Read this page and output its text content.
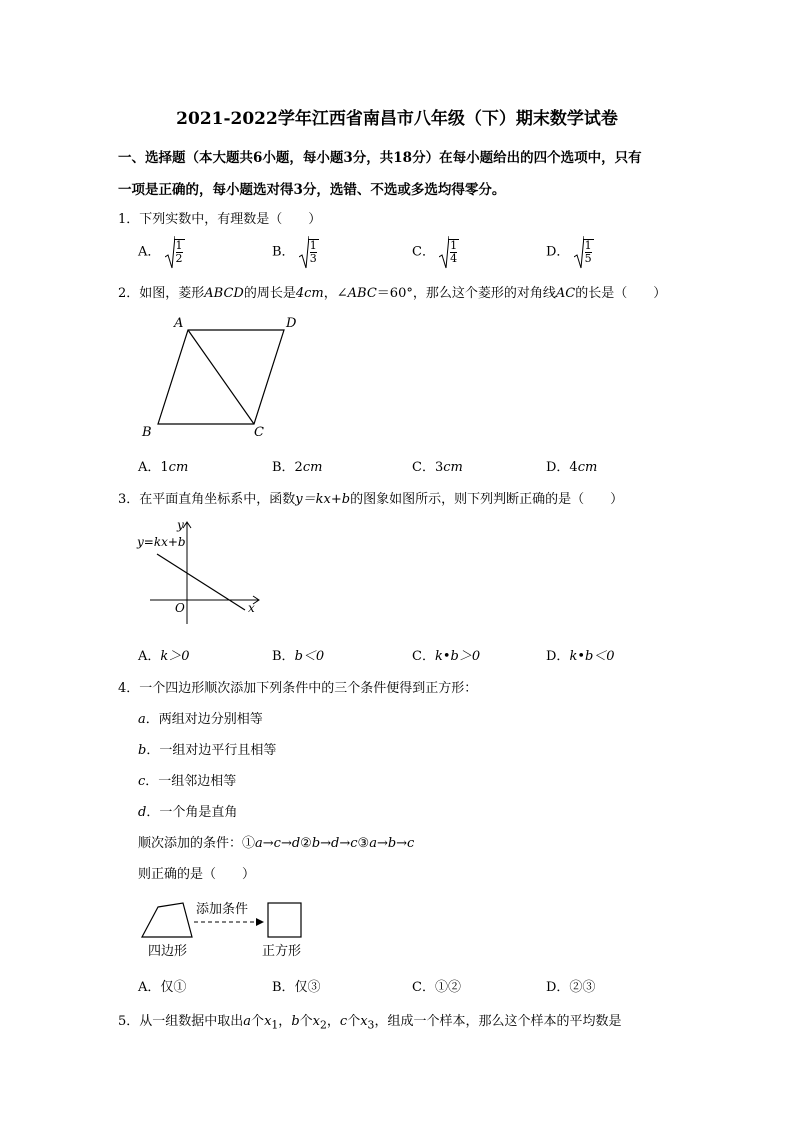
2021-2022学年江西省南昌市八年级（下）期末数学试卷
一、选择题（本大题共6小题，每小题3分，共18分）在每小题给出的四个选项中，只有
一项是正确的，每小题选对得3分，选错、不选或多选均得零分。
1．下列实数中，有理数是（　　）
A． $\frac{1}{2}$	B． $\frac{1}{3}$	C． $\frac{1}{4}$	D． $\frac{1}{5}$
2．如图，菱形ABCD的周长是4cm，∠ABC＝60°，那么这个菱形的对角线AC的长是（　　）
A	D
B	C
A．1cm	B．2cm	C．3cm	D．4cm
3．在平面直角坐标系中，函数y＝kx+b的图象如图所示，则下列判断正确的是（　　）
y=kx+b
y
x
O
A．k＞0	B．b＜0	C．k•b＞0	D．k•b＜0
4．一个四边形顺次添加下列条件中的三个条件便得到正方形：
a．两组对边分别相等
b．一组对边平行且相等
c．一组邻边相等
d．一个角是直角
顺次添加的条件：①a→c→d②b→d→c③a→b→c
则正确的是（　　）
添加条件
四边形	正方形
A．仅①	B．仅③	C．①②	D．②③
5．从一组数据中取出a个$x_1$，b个$x_2$，c个$x_3$，组成一个样本，那么这个样本的平均数是
